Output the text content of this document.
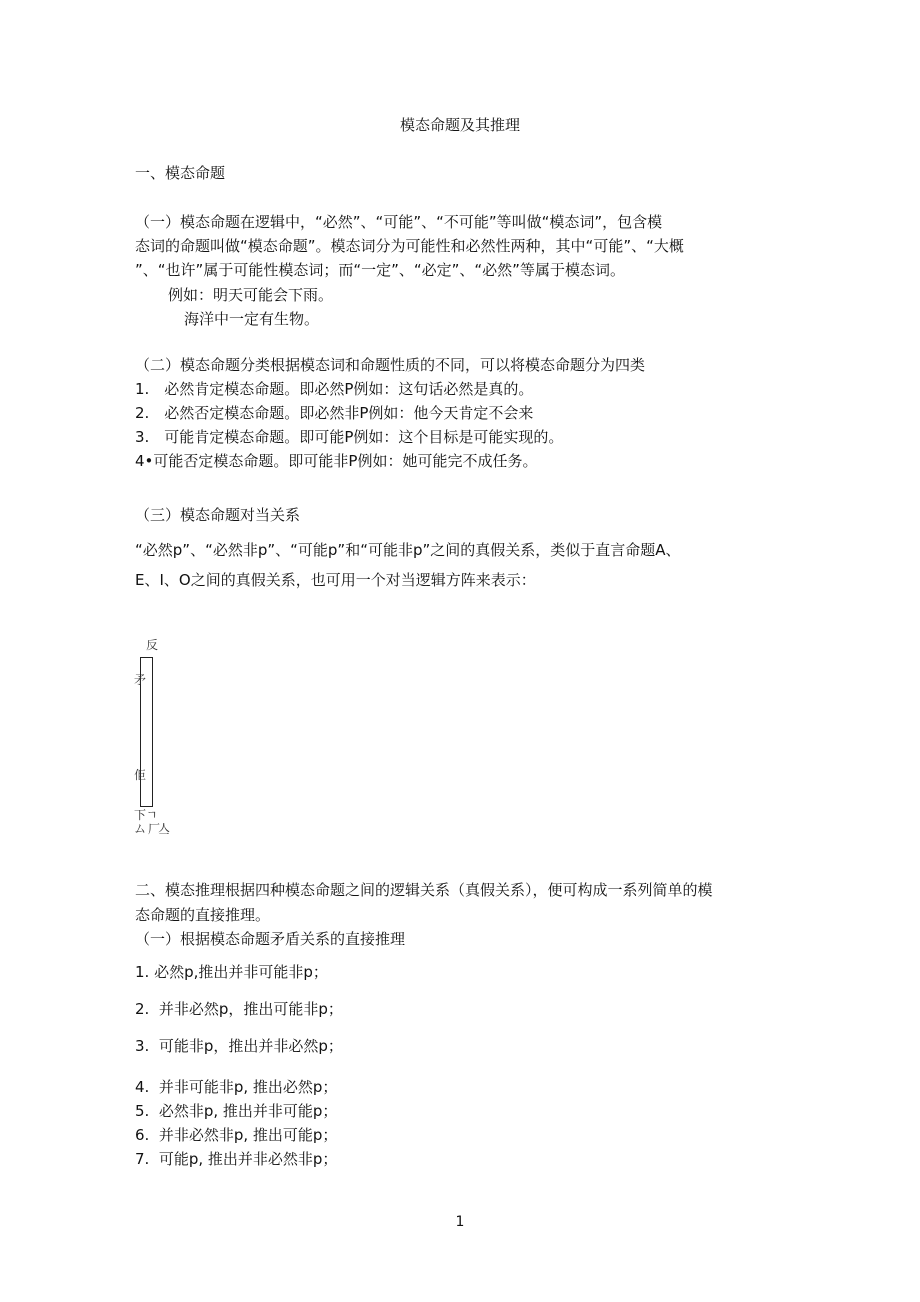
模态命题及其推理
一、模态命题
（一）模态命题在逻辑中，“必然”、“可能”、“不可能”等叫做“模态词”，包含模
态词的命题叫做“模态命题”。模态词分为可能性和必然性两种，其中“可能”、“大概
”、“也许”属于可能性模态词；而“一定”、“必定”、“必然”等属于模态词。
例如：明天可能会下雨。
海洋中一定有生物。
（二）模态命题分类根据模态词和命题性质的不同，可以将模态命题分为四类
1.　必然肯定模态命题。即必然P例如：这句话必然是真的。
2.　必然否定模态命题。即必然非P例如：他今天肯定不会来
3.　可能肯定模态命题。即可能P例如：这个目标是可能实现的。
4•可能否定模态命题。即可能非P例如：她可能完不成任务。
（三）模态命题对当关系
“必然p”、“必然非p”、“可能p”和“可能非p”之间的真假关系，类似于直言命题A、
E、I、O之间的真假关系，也可用一个对当逻辑方阵来表示：
反
矛
佢
下 ㄱ
ム 厂
亼
二、模态推理根据四种模态命题之间的逻辑关系（真假关系），便可构成一系列简单的模
态命题的直接推理。
（一）根据模态命题矛盾关系的直接推理
1. 必然p,推出并非可能非p；
2.  并非必然p，推出可能非p；
3.  可能非p，推出并非必然p；
4.  并非可能非p, 推出必然p；
5.  必然非p, 推出并非可能p；
6.  并非必然非p, 推出可能p；
7.  可能p, 推出并非必然非p；
1
